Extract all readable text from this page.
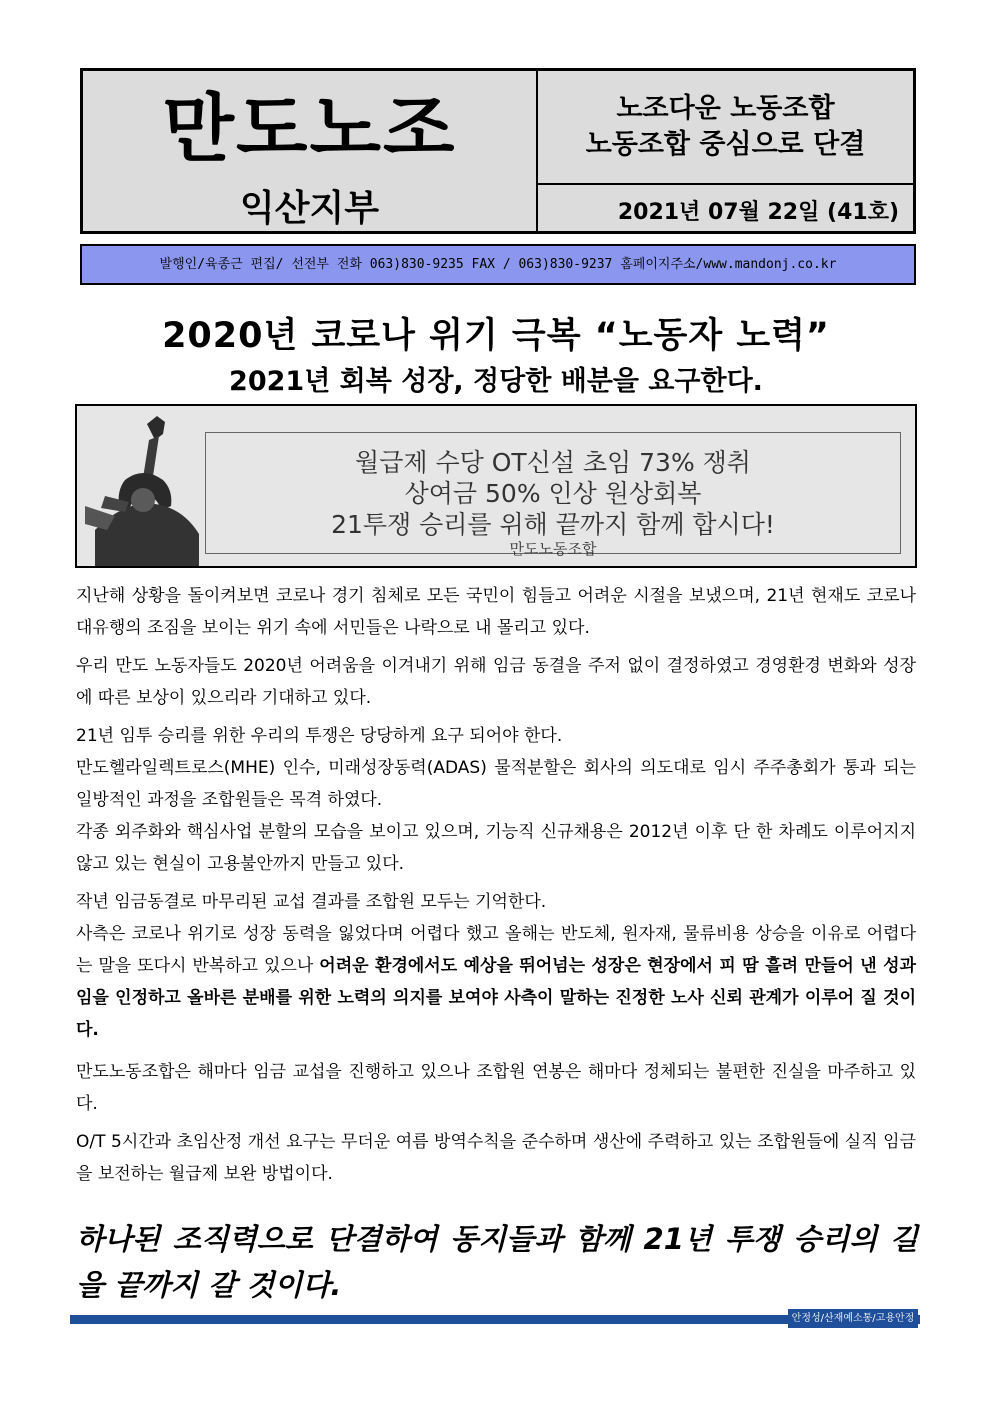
만도노조
익산지부
노조다운 노동조합
노동조합 중심으로 단결
2021년 07월 22일 (41호)
발행인/육종근 편집/ 선전부 전화 063)830-9235 FAX / 063)830-9237 홈페이지주소/www.mandonj.co.kr
2020년 코로나 위기 극복 “노동자 노력”
2021년 회복 성장, 정당한 배분을 요구한다.
월급제 수당 OT신설 초임 73% 쟁취
상여금 50% 인상 원상회복
21투쟁 승리를 위해 끝까지 함께 합시다!
만도노동조합

지난해 상황을 돌이켜보면 코로나 경기 침체로 모든 국민이 힘들고 어려운 시절을 보냈으며, 21년 현재도 코로나 대유행의 조짐을 보이는 위기 속에 서민들은 나락으로 내 몰리고 있다.

우리 만도 노동자들도 2020년 어려움을 이겨내기 위해 임금 동결을 주저 없이 결정하였고 경영환경 변화와 성장에 따른 보상이 있으리라 기대하고 있다.

21년 임투 승리를 위한 우리의 투쟁은 당당하게 요구 되어야 한다.

만도헬라일렉트로스(MHE) 인수, 미래성장동력(ADAS) 물적분할은 회사의 의도대로 임시 주주총회가 통과 되는 일방적인 과정을 조합원들은 목격 하였다.

각종 외주화와 핵심사업 분할의 모습을 보이고 있으며, 기능직 신규채용은 2012년 이후 단 한 차례도 이루어지지 않고 있는 현실이 고용불안까지 만들고 있다.

작년 임금동결로 마무리된 교섭 결과를 조합원 모두는 기억한다.

사측은 코로나 위기로 성장 동력을 잃었다며 어렵다 했고 올해는 반도체, 원자재, 물류비용 상승을 이유로 어렵다는 말을 또다시 반복하고 있으나 어려운 환경에서도 예상을 뛰어넘는 성장은 현장에서 피 땀 흘려 만들어 낸 성과임을 인정하고 올바른 분배를 위한 노력의 의지를 보여야 사측이 말하는 진정한 노사 신뢰 관계가 이루어 질 것이다.

만도노동조합은 해마다 임금 교섭을 진행하고 있으나 조합원 연봉은 해마다 정체되는 불편한 진실을 마주하고 있다.

O/T 5시간과 초임산정 개선 요구는 무더운 여름 방역수칙을 준수하며 생산에 주력하고 있는 조합원들에 실직 임금을 보전하는 월급제 보완 방법이다.

하나된 조직력으로 단결하여 동지들과 함께 21년 투쟁 승리의 길을 끝까지 갈 것이다.
안정성/산재예소통/고용안정
